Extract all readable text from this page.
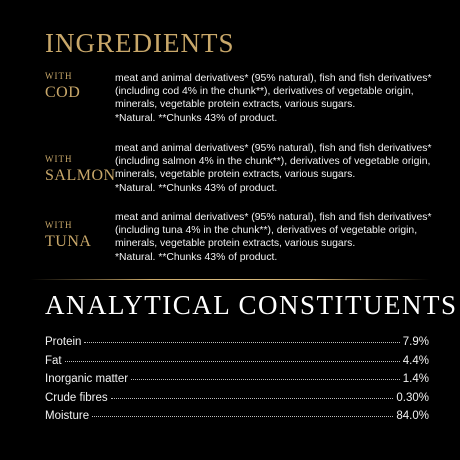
INGREDIENTS
WITH
COD

meat and animal derivatives* (95% natural), fish and fish derivatives* (including cod 4% in the chunk**), derivatives of vegetable origin, minerals, vegetable protein extracts, various sugars.

*Natural. **Chunks 43% of product.

WITH
SALMON

meat and animal derivatives* (95% natural), fish and fish derivatives* (including salmon 4% in the chunk**), derivatives of vegetable origin, minerals, vegetable protein extracts, various sugars.

*Natural. **Chunks 43% of product.

WITH
TUNA

meat and animal derivatives* (95% natural), fish and fish derivatives* (including tuna 4% in the chunk**), derivatives of vegetable origin, minerals, vegetable protein extracts, various sugars.

*Natural. **Chunks 43% of product.

ANALYTICAL CONSTITUENTS
Protein	7.9%
Fat	4.4%
Inorganic matter	1.4%
Crude fibres	0.30%
Moisture	84.0%
